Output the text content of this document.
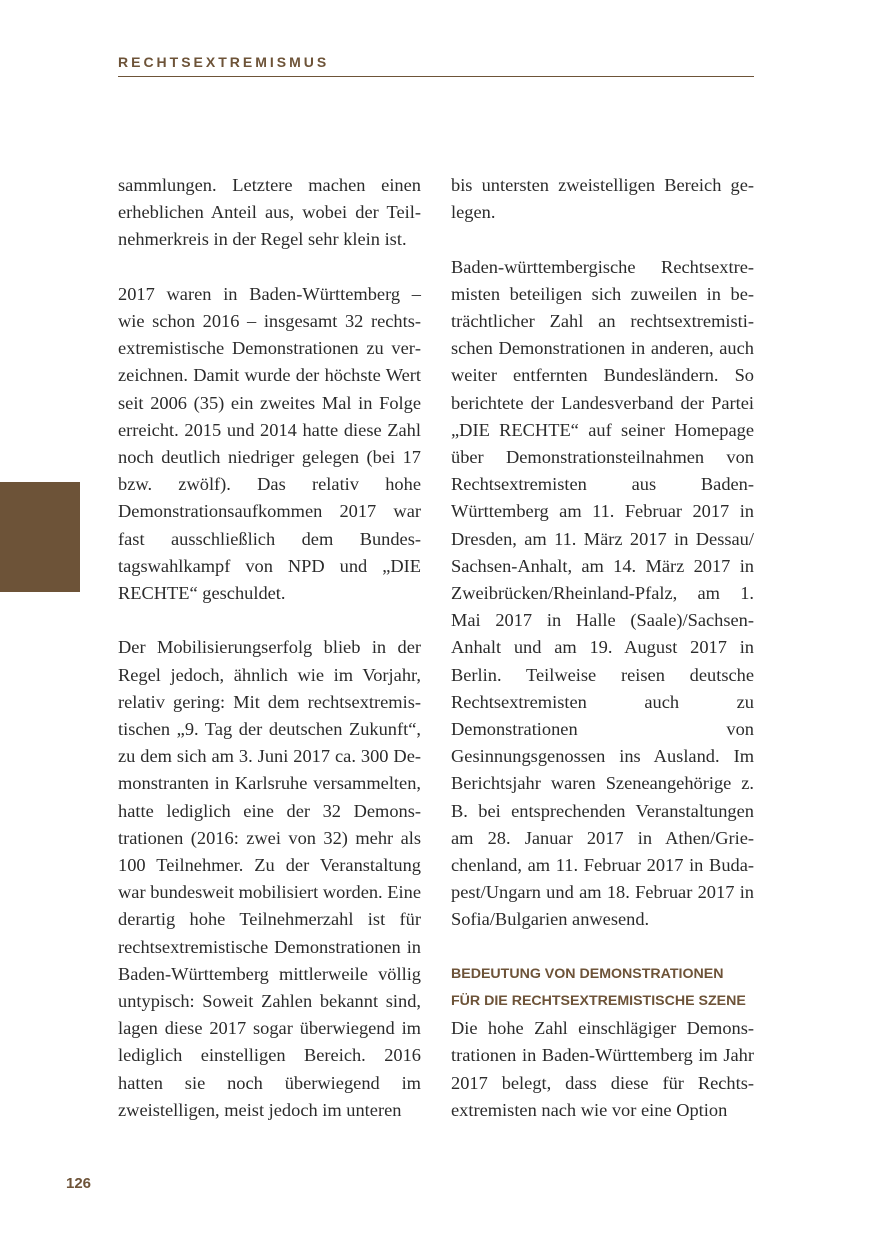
RECHTSEXTREMISMUS

sammlungen. Letztere machen einen erheblichen Anteil aus, wobei der Teilnehmerkreis in der Regel sehr klein ist.

2017 waren in Baden-Württemberg – wie schon 2016 – insgesamt 32 rechtsextremistische Demonstrationen zu verzeichnen. Damit wurde der höchste Wert seit 2006 (35) ein zweites Mal in Folge erreicht. 2015 und 2014 hatte diese Zahl noch deutlich niedriger gelegen (bei 17 bzw. zwölf). Das relativ hohe Demonstrationsaufkommen 2017 war fast ausschließlich dem Bundestagswahlkampf von NPD und „DIE RECHTE“ geschuldet.

Der Mobilisierungserfolg blieb in der Regel jedoch, ähnlich wie im Vorjahr, relativ gering: Mit dem rechtsextremistischen „9. Tag der deutschen Zukunft“, zu dem sich am 3. Juni 2017 ca. 300 Demonstranten in Karlsruhe versammelten, hatte lediglich eine der 32 Demonstrationen (2016: zwei von 32) mehr als 100 Teilnehmer. Zu der Veranstaltung war bundesweit mobilisiert worden. Eine derartig hohe Teilnehmerzahl ist für rechtsextremistische Demonstrationen in Baden-Württemberg mittlerweile völlig untypisch: Soweit Zahlen bekannt sind, lagen diese 2017 sogar überwiegend im lediglich einstelligen Bereich. 2016 hatten sie noch überwiegend im zweistelligen, meist jedoch im unteren

bis untersten zweistelligen Bereich gelegen.

Baden-württembergische Rechtsextremisten beteiligen sich zuweilen in beträchtlicher Zahl an rechtsextremistischen Demonstrationen in anderen, auch weiter entfernten Bundesländern. So berichtete der Landesverband der Partei „DIE RECHTE“ auf seiner Homepage über Demonstrationsteilnahmen von Rechtsextremisten aus Baden-Württemberg am 11. Februar 2017 in Dresden, am 11. März 2017 in Dessau/ Sachsen-Anhalt, am 14. März 2017 in Zweibrücken/Rheinland-Pfalz, am 1. Mai 2017 in Halle (Saale)/Sachsen-Anhalt und am 19. August 2017 in Berlin. Teilweise reisen deutsche Rechtsextremisten auch zu Demonstrationen von Gesinnungsgenossen ins Ausland. Im Berichtsjahr waren Szeneangehörige z. B. bei entsprechenden Veranstaltungen am 28. Januar 2017 in Athen/Griechenland, am 11. Februar 2017 in Budapest/Ungarn und am 18. Februar 2017 in Sofia/Bulgarien anwesend.

BEDEUTUNG VON DEMONSTRATIONEN FÜR DIE RECHTSEXTREMISTISCHE SZENE

Die hohe Zahl einschlägiger Demonstrationen in Baden-Württemberg im Jahr 2017 belegt, dass diese für Rechtsextremisten nach wie vor eine Option

126
